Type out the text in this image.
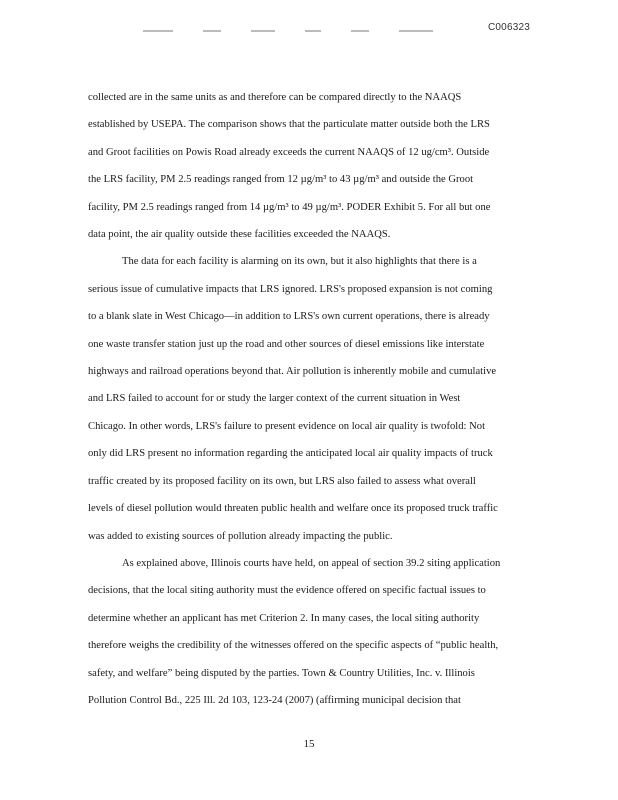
C006323
collected are in the same units as and therefore can be compared directly to the NAAQS
established by USEPA. The comparison shows that the particulate matter outside both the LRS
and Groot facilities on Powis Road already exceeds the current NAAQS of 12 ug/cm³. Outside
the LRS facility, PM 2.5 readings ranged from 12 µg/m³ to 43 µg/m³ and outside the Groot
facility, PM 2.5 readings ranged from 14 µg/m³ to 49 µg/m³. PODER Exhibit 5. For all but one
data point, the air quality outside these facilities exceeded the NAAQS.
The data for each facility is alarming on its own, but it also highlights that there is a
serious issue of cumulative impacts that LRS ignored. LRS's proposed expansion is not coming
to a blank slate in West Chicago—in addition to LRS's own current operations, there is already
one waste transfer station just up the road and other sources of diesel emissions like interstate
highways and railroad operations beyond that. Air pollution is inherently mobile and cumulative
and LRS failed to account for or study the larger context of the current situation in West
Chicago. In other words, LRS's failure to present evidence on local air quality is twofold: Not
only did LRS present no information regarding the anticipated local air quality impacts of truck
traffic created by its proposed facility on its own, but LRS also failed to assess what overall
levels of diesel pollution would threaten public health and welfare once its proposed truck traffic
was added to existing sources of pollution already impacting the public.
As explained above, Illinois courts have held, on appeal of section 39.2 siting application
decisions, that the local siting authority must the evidence offered on specific factual issues to
determine whether an applicant has met Criterion 2. In many cases, the local siting authority
therefore weighs the credibility of the witnesses offered on the specific aspects of “public health,
safety, and welfare” being disputed by the parties. Town & Country Utilities, Inc. v. Illinois
Pollution Control Bd., 225 Ill. 2d 103, 123-24 (2007) (affirming municipal decision that
15
